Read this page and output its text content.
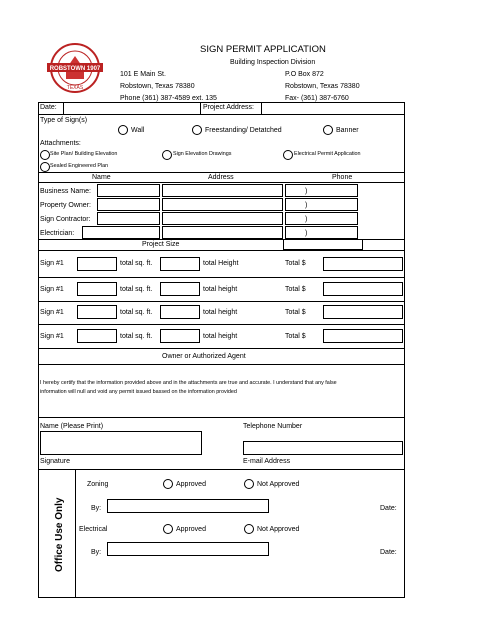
ROBSTOWN 1907
TEXAS
SIGN PERMIT APPLICATION
Building Inspection Division
101 E Main St.
Robstown, Texas 78380
Phone (361) 387-4589 ext. 135
P.O Box 872
Robstown, Texas 78380
Fax- (361) 387-6760
Date:	Project Address:
Type of Sign(s)
Wall	Freestanding/ Detatched	Banner
Attachments:
Site Plan/ Building Elevation	Sign Elevation Drawings	Electrical Permit Application
Sealed Engineered Plan
Name	Address	Phone
Business Name:	)
Property Owner:	)
Sign Contractor:	)
Electrician:	)
Project Size
Sign #1	total sq. ft.	total Height	Total $
Sign #1	total sq. ft.	total height	Total $
Sign #1	total sq. ft.	total height	Total $
Sign #1	total sq. ft.	total height	Total $
Owner or Authorized Agent
I hereby certify that the information provided above and in the attachments are true and accurate. I understand that any false
information will null and void any permit issued bassed on the information provided
Name (Please Print)	Telephone Number
Signature	E-mail Address
Office Use Only
Zoning	Approved	Not Approved
By:	Date:
Electrical	Approved	Not Approved
By:	Date:
